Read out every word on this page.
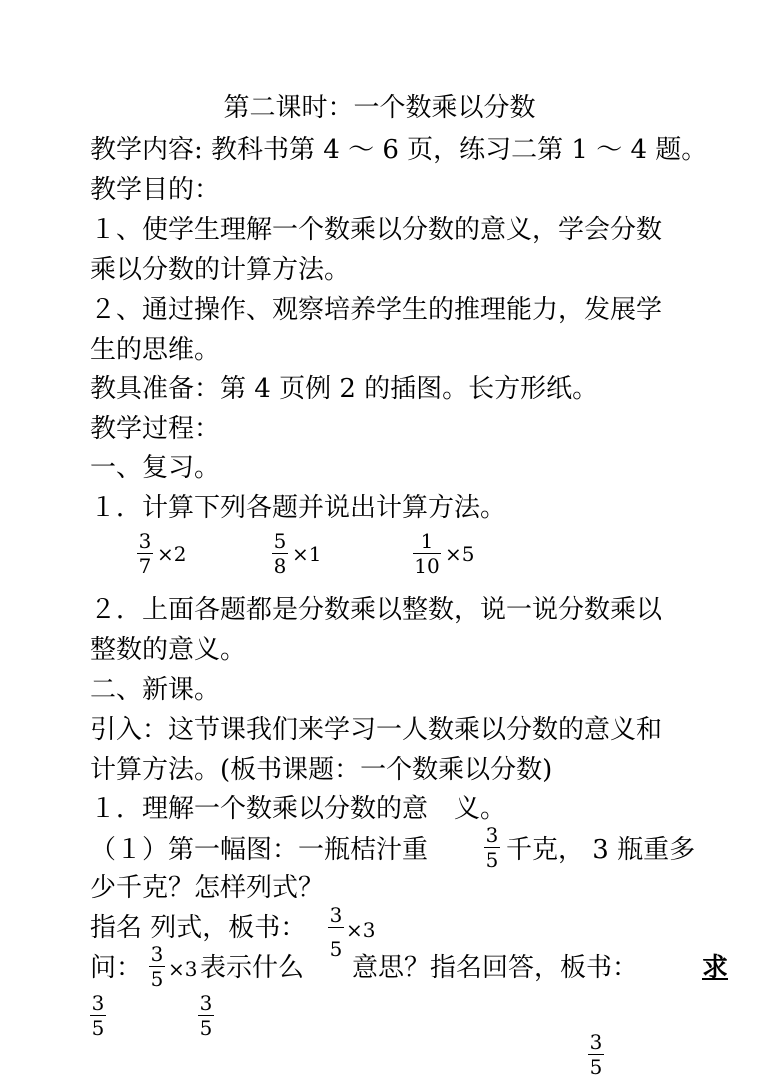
第二课时：一个数乘以分数
教学内容: 教科书第 4 ～ 6 页，练习二第 1 ～ 4 题。
教学目的：
１、使学生理解一个数乘以分数的意义，学会分数
乘以分数的计算方法。
２、通过操作、观察培养学生的推理能力，发展学
生的思维。
教具准备：第 4 页例 2 的插图。长方形纸。
教学过程：
一、复习。
１．计算下列各题并说出计算方法。
3
7 ×2
5
8 ×1
1
10 ×5
２．上面各题都是分数乘以整数，说一说分数乘以
整数的意义。
二、新课。
引入：这节课我们来学习一人数乘以分数的意义和
计算方法。(板书课题：一个数乘以分数)
１．理解一个数乘以分数的意　义。
（１）第一幅图：一瓶桔汁重	3
5 千克， 3 瓶重多
少千克？怎样列式？
指名 列式，板书： 3
×3
5
问： 3
5 ×3 表示什么 意思？指名回答，板书： 求
3
5
3
5
3
5
